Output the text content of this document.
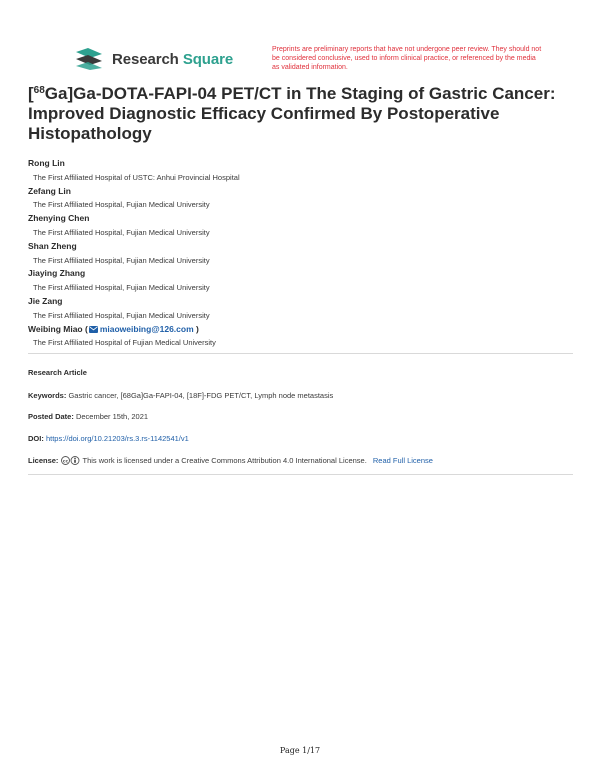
Research Square
Preprints are preliminary reports that have not undergone peer review. They should not be considered conclusive, used to inform clinical practice, or referenced by the media as validated information.
[$^{68}$Ga]Ga-DOTA-FAPI-04 PET/CT in The Staging of Gastric Cancer: Improved Diagnostic Efficacy Confirmed By Postoperative Histopathology
Rong Lin
The First Affiliated Hospital of USTC: Anhui Provincial Hospital
Zefang Lin
The First Affiliated Hospital, Fujian Medical University
Zhenying Chen
The First Affiliated Hospital, Fujian Medical University
Shan Zheng
The First Affiliated Hospital, Fujian Medical University
Jiaying Zhang
The First Affiliated Hospital, Fujian Medical University
Jie Zang
The First Affiliated Hospital, Fujian Medical University
Weibing Miao ( miaoweibing@126.com )
The First Affiliated Hospital of Fujian Medical University
Research Article
Keywords: Gastric cancer, [68Ga]Ga-FAPI-04, [18F]-FDG PET/CT, Lymph node metastasis
Posted Date: December 15th, 2021
DOI: https://doi.org/10.21203/rs.3.rs-1142541/v1
License: cc This work is licensed under a Creative Commons Attribution 4.0 International License. Read Full License
Page 1/17
